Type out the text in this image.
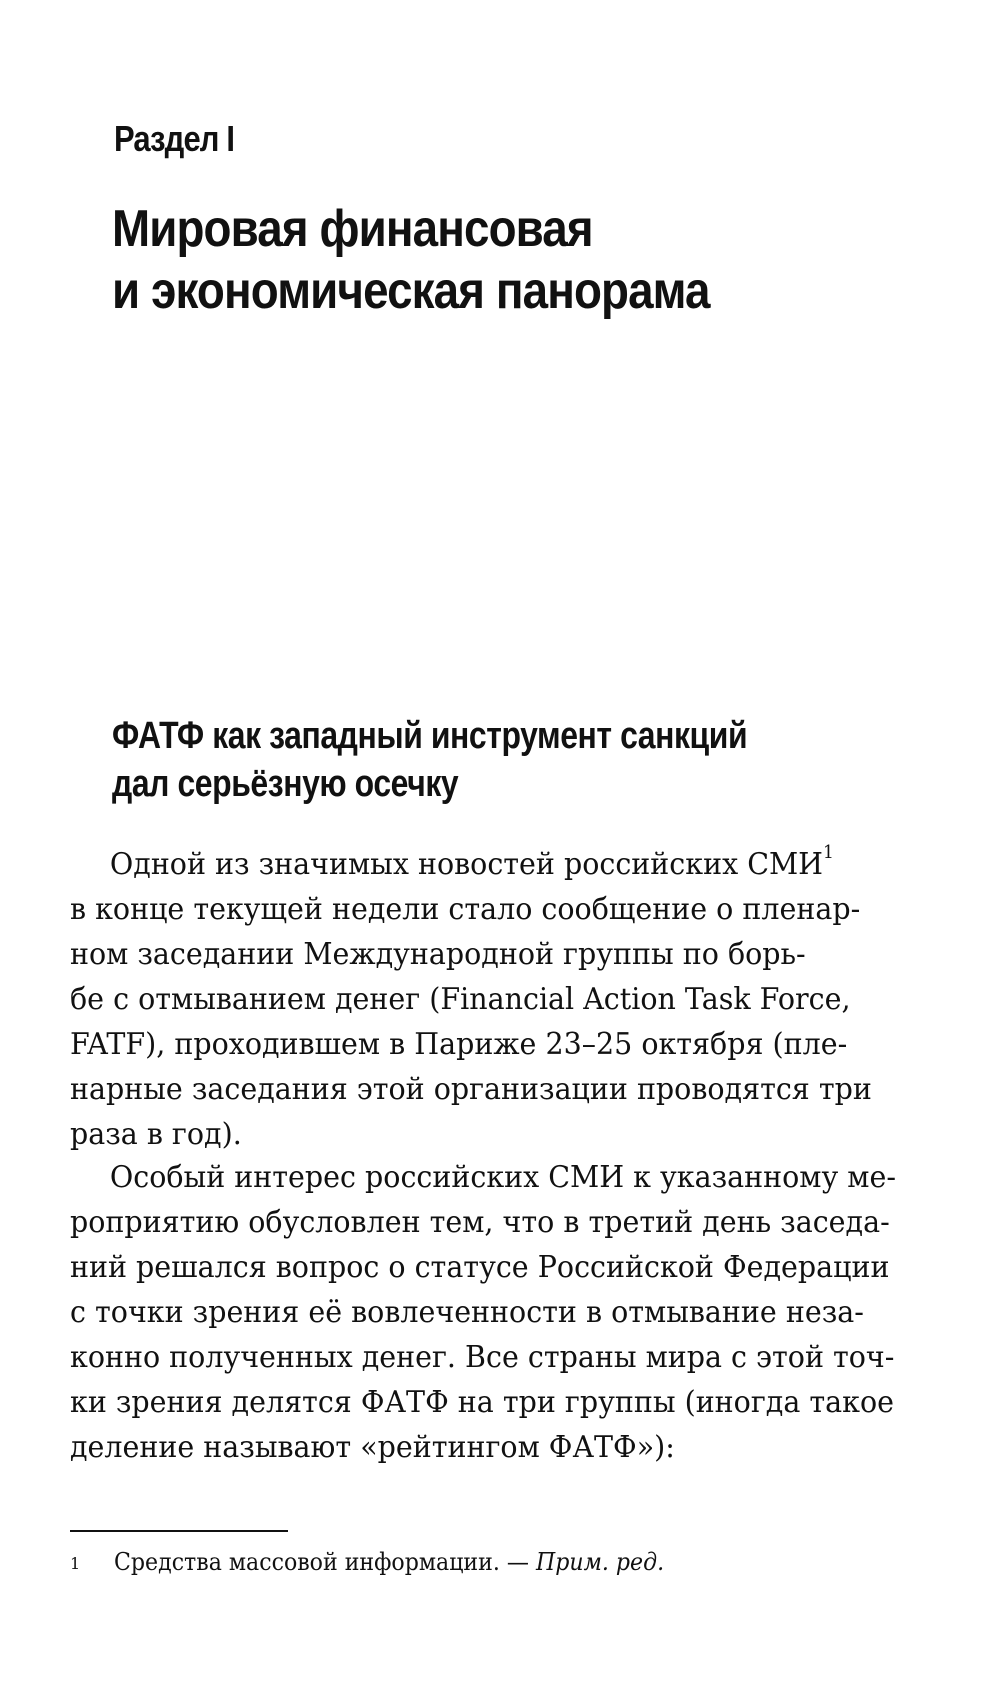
Раздел I
Мировая финансовая
и экономическая панорама
ФАТФ как западный инструмент санкций
дал серьёзную осечку
Одной из значимых новостей российских СМИ$^1$
в конце текущей недели стало сообщение о пленар-
ном заседании Международной группы по борь-
бе с отмыванием денег (Financial Action Task Force,
FATF), проходившем в Париже 23–25 октября (пле-
нарные заседания этой организации проводятся три
раза в год).
Особый интерес российских СМИ к указанному ме-
роприятию обусловлен тем, что в третий день заседа-
ний решался вопрос о статусе Российской Федерации
с точки зрения её вовлеченности в отмывание неза-
конно полученных денег. Все страны мира с этой точ-
ки зрения делятся ФАТФ на три группы (иногда такое
деление называют «рейтингом ФАТФ»):
1 Средства массовой информации. — Прим. ред.
